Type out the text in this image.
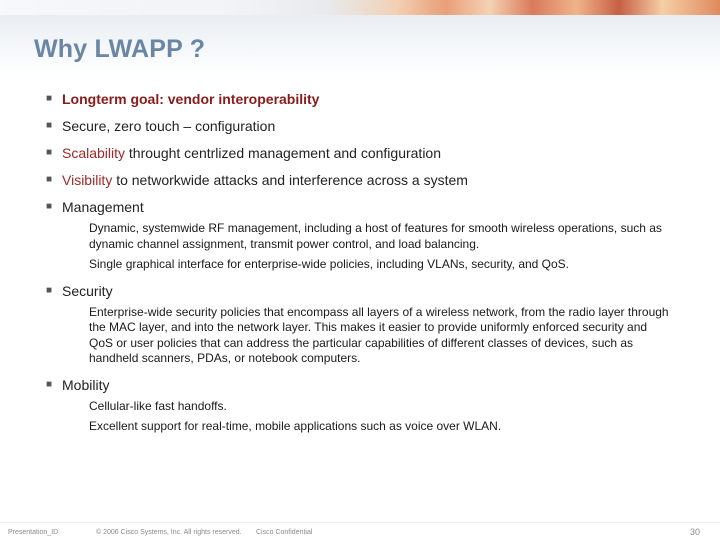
Why LWAPP ?
■ Longterm goal: vendor interoperability
■ Secure, zero touch – configuration
■ Scalability throught centrlized management and configuration
■ Visibility to networkwide attacks and interference across a system
■ Management
Dynamic, systemwide RF management, including a host of features for smooth wireless operations, such as dynamic channel assignment, transmit power control, and load balancing.
Single graphical interface for enterprise-wide policies, including VLANs, security, and QoS.
■ Security
Enterprise-wide security policies that encompass all layers of a wireless network, from the radio layer through the MAC layer, and into the network layer. This makes it easier to provide uniformly enforced security and QoS or user policies that can address the particular capabilities of different classes of devices, such as handheld scanners, PDAs, or notebook computers.
■ Mobility
Cellular-like fast handoffs.
Excellent support for real-time, mobile applications such as voice over WLAN.
Presentation_ID	© 2006 Cisco Systems, Inc. All rights reserved. Cisco Confidential	30
